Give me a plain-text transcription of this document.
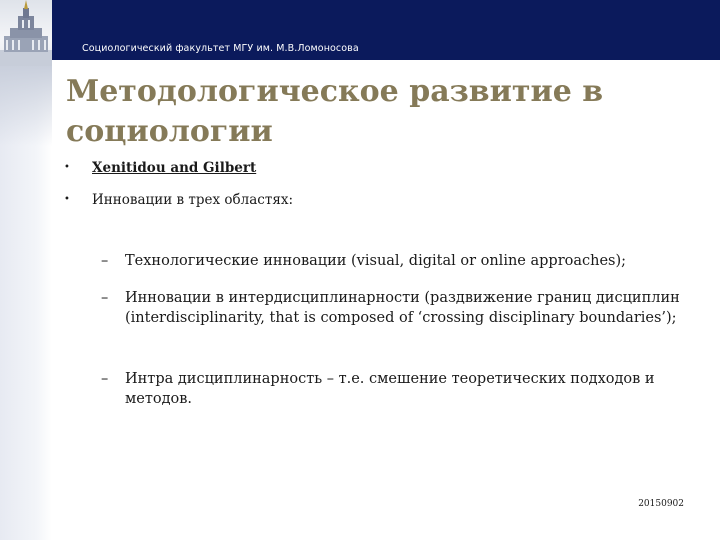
Социологический факультет МГУ им. М.В.Ломоносова
Методологическое развитие в социологии
• Xenitidou and Gilbert
• Инновации в трех областях:
– Технологические инновации (visual, digital or online approaches);
– Инновации в интердисциплинарности (раздвижение границ дисциплин (interdisciplinarity, that is composed of ‘crossing disciplinary boundaries’);
– Интра дисциплинарность – т.е. смешение теоретических подходов и методов.
20150902
